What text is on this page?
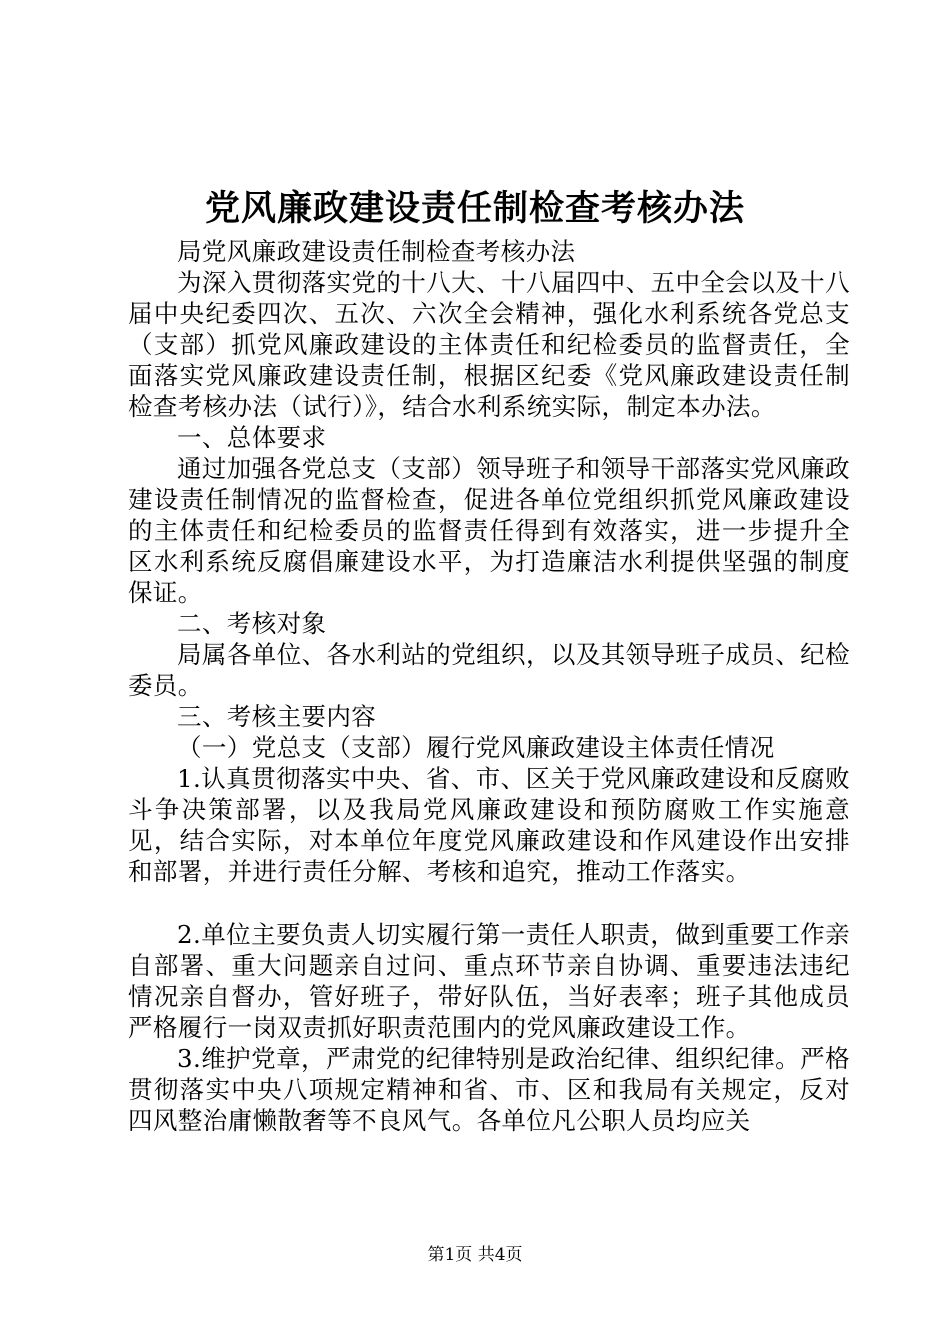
党风廉政建设责任制检查考核办法

局党风廉政建设责任制检查考核办法

为深入贯彻落实党的十八大、十八届四中、五中全会以及十八届中央纪委四次、五次、六次全会精神，强化水利系统各党总支（支部）抓党风廉政建设的主体责任和纪检委员的监督责任，全面落实党风廉政建设责任制，根据区纪委《党风廉政建设责任制检查考核办法（试行）》，结合水利系统实际，制定本办法。

一、总体要求

通过加强各党总支（支部）领导班子和领导干部落实党风廉政建设责任制情况的监督检查，促进各单位党组织抓党风廉政建设的主体责任和纪检委员的监督责任得到有效落实，进一步提升全区水利系统反腐倡廉建设水平，为打造廉洁水利提供坚强的制度保证。

二、考核对象

局属各单位、各水利站的党组织，以及其领导班子成员、纪检委员。

三、考核主要内容

（一）党总支（支部）履行党风廉政建设主体责任情况

1.认真贯彻落实中央、省、市、区关于党风廉政建设和反腐败斗争决策部署，以及我局党风廉政建设和预防腐败工作实施意见，结合实际，对本单位年度党风廉政建设和作风建设作出安排和部署，并进行责任分解、考核和追究，推动工作落实。

2.单位主要负责人切实履行第一责任人职责，做到重要工作亲自部署、重大问题亲自过问、重点环节亲自协调、重要违法违纪情况亲自督办，管好班子，带好队伍，当好表率；班子其他成员严格履行一岗双责抓好职责范围内的党风廉政建设工作。

3.维护党章，严肃党的纪律特别是政治纪律、组织纪律。严格贯彻落实中央八项规定精神和省、市、区和我局有关规定，反对四风整治庸懒散奢等不良风气。各单位凡公职人员均应关

第1页 共4页
